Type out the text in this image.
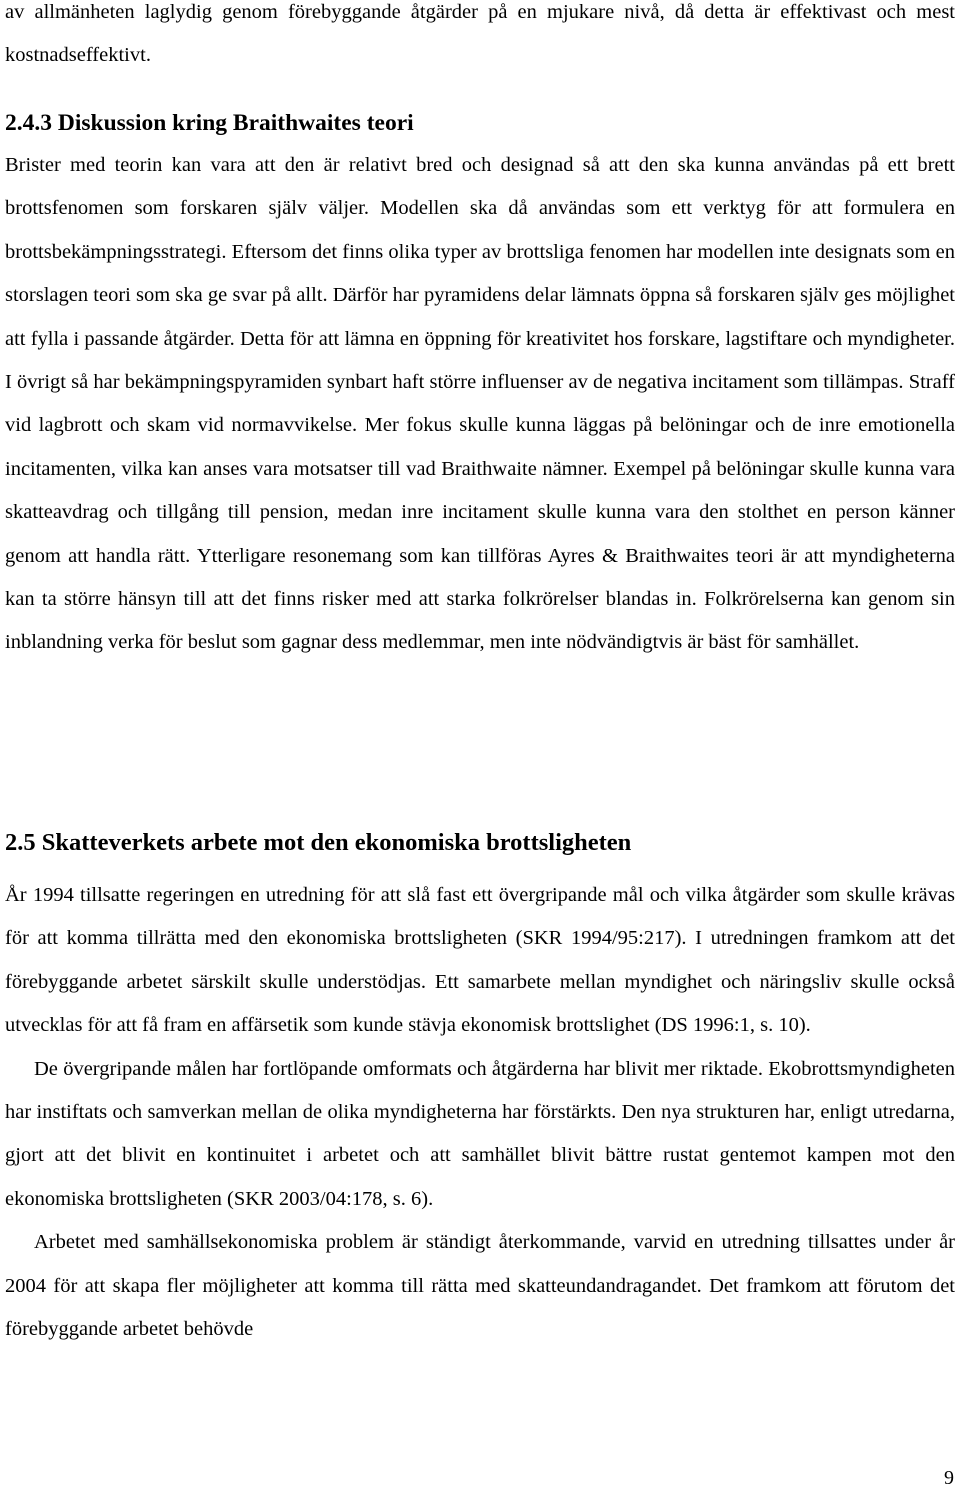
av allmänheten laglydig genom förebyggande åtgärder på en mjukare nivå, då detta är effektivast och mest kostnadseffektivt.

2.4.3 Diskussion kring Braithwaites teori

Brister med teorin kan vara att den är relativt bred och designad så att den ska kunna användas på ett brett brottsfenomen som forskaren själv väljer. Modellen ska då användas som ett verktyg för att formulera en brottsbekämpningsstrategi. Eftersom det finns olika typer av brottsliga fenomen har modellen inte designats som en storslagen teori som ska ge svar på allt. Därför har pyramidens delar lämnats öppna så forskaren själv ges möjlighet att fylla i passande åtgärder. Detta för att lämna en öppning för kreativitet hos forskare, lagstiftare och myndigheter. I övrigt så har bekämpningspyramiden synbart haft större influenser av de negativa incitament som tillämpas. Straff vid lagbrott och skam vid normavvikelse. Mer fokus skulle kunna läggas på belöningar och de inre emotionella incitamenten, vilka kan anses vara motsatser till vad Braithwaite nämner. Exempel på belöningar skulle kunna vara skatteavdrag och tillgång till pension, medan inre incitament skulle kunna vara den stolthet en person känner genom att handla rätt. Ytterligare resonemang som kan tillföras Ayres & Braithwaites teori är att myndigheterna kan ta större hänsyn till att det finns risker med att starka folkrörelser blandas in. Folkrörelserna kan genom sin inblandning verka för beslut som gagnar dess medlemmar, men inte nödvändigtvis är bäst för samhället.

2.5 Skatteverkets arbete mot den ekonomiska brottsligheten

År 1994 tillsatte regeringen en utredning för att slå fast ett övergripande mål och vilka åtgärder som skulle krävas för att komma tillrätta med den ekonomiska brottsligheten (SKR 1994/95:217). I utredningen framkom att det förebyggande arbetet särskilt skulle understödjas. Ett samarbete mellan myndighet och näringsliv skulle också utvecklas för att få fram en affärsetik som kunde stävja ekonomisk brottslighet (DS 1996:1, s. 10).

De övergripande målen har fortlöpande omformats och åtgärderna har blivit mer riktade. Ekobrottsmyndigheten har instiftats och samverkan mellan de olika myndigheterna har förstärkts. Den nya strukturen har, enligt utredarna, gjort att det blivit en kontinuitet i arbetet och att samhället blivit bättre rustat gentemot kampen mot den ekonomiska brottsligheten (SKR 2003/04:178, s. 6).

Arbetet med samhällsekonomiska problem är ständigt återkommande, varvid en utredning tillsattes under år 2004 för att skapa fler möjligheter att komma till rätta med skatteundandragandet. Det framkom att förutom det förebyggande arbetet behövde

9
